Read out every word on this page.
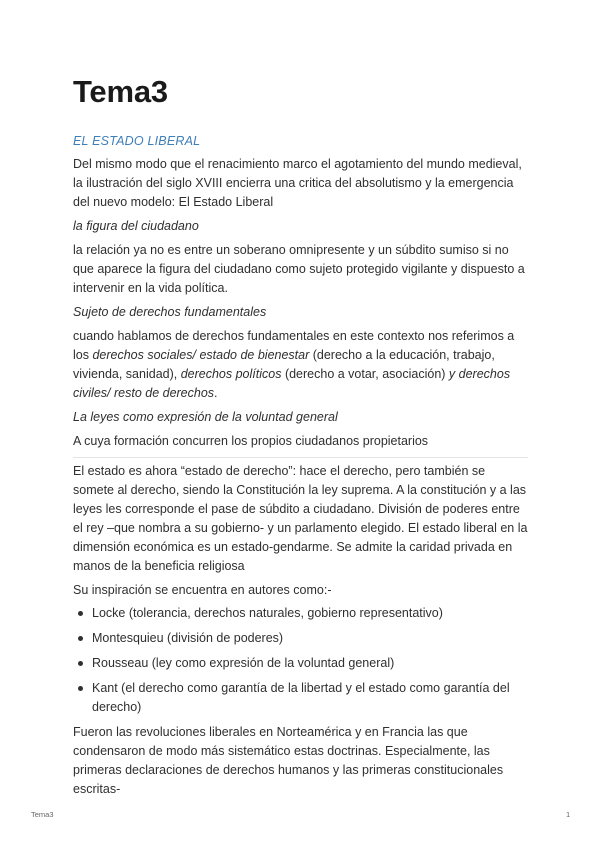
Tema3
EL ESTADO LIBERAL

Del mismo modo que el renacimiento marco el agotamiento del mundo medieval, la ilustración del siglo XVIII encierra una critica del absolutismo y la emergencia del nuevo modelo: El Estado Liberal

la figura del ciudadano

la relación ya no es entre un soberano omnipresente y un súbdito sumiso si no que aparece la figura del ciudadano como sujeto protegido vigilante y dispuesto a intervenir en la vida política.

Sujeto de derechos fundamentales

cuando hablamos de derechos fundamentales en este contexto nos referimos a los derechos sociales/ estado de bienestar (derecho a la educación, trabajo, vivienda, sanidad), derechos políticos (derecho a votar, asociación) y derechos civiles/ resto de derechos.

La leyes como expresión de la voluntad general

A cuya formación concurren los propios ciudadanos propietarios

El estado es ahora “estado de derecho”: hace el derecho, pero también se somete al derecho, siendo la Constitución la ley suprema. A la constitución y a las leyes les corresponde el pase de súbdito a ciudadano. División de poderes entre el rey –que nombra a su gobierno- y un parlamento elegido. El estado liberal en la dimensión económica es un estado-gendarme. Se admite la caridad privada en manos de la beneficia religiosa

Su inspiración se encuentra en autores como:-

Locke (tolerancia, derechos naturales, gobierno representativo)
Montesquieu (división de poderes)
Rousseau (ley como expresión de la voluntad general)
Kant (el derecho como garantía de la libertad y el estado como garantía del derecho)

Fueron las revoluciones liberales en Norteamérica y en Francia las que condensaron de modo más sistemático estas doctrinas. Especialmente, las primeras declaraciones de derechos humanos y las primeras constitucionales escritas-

Tema3	1
